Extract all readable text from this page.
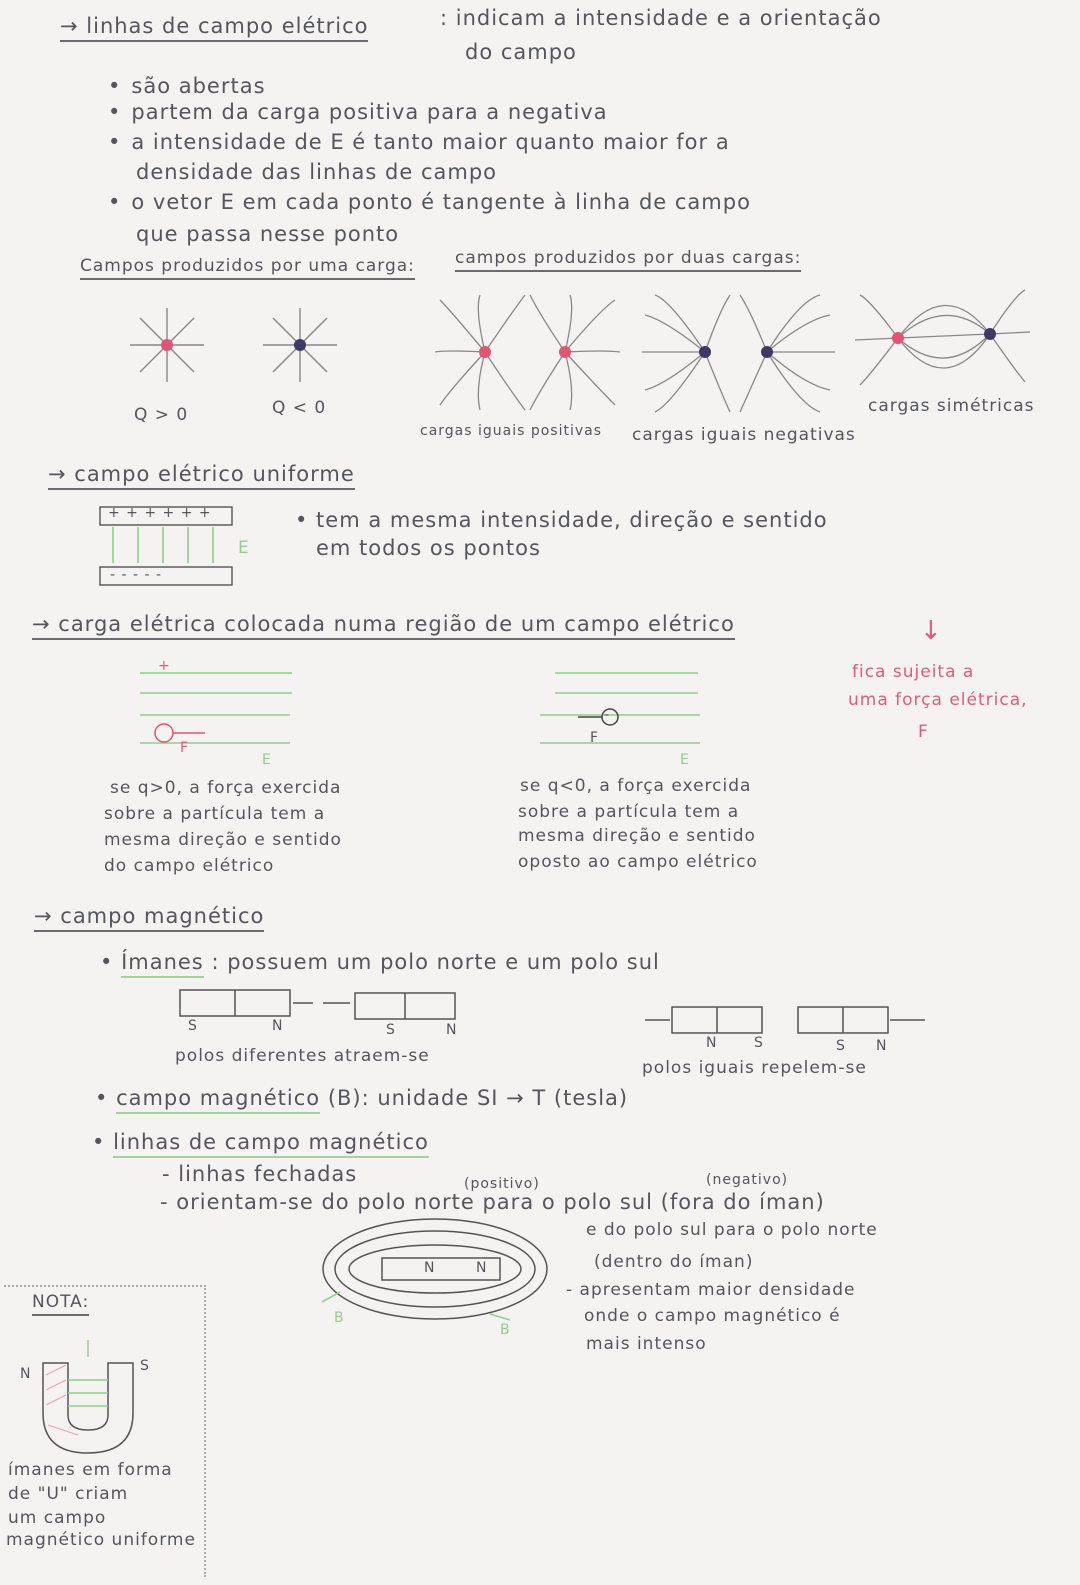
→ linhas de campo elétrico	: indicam a intensidade e a orientação
do campo
• são abertas
• partem da carga positiva para a negativa
• a intensidade de E é tanto maior quanto maior for a
densidade das linhas de campo
• o vetor E em cada ponto é tangente à linha de campo
que passa nesse ponto
Campos produzidos por uma carga: campos produzidos por duas cargas:
Q > 0	Q < 0
cargas iguais positivas cargas iguais negativas
cargas simétricas
→ campo elétrico uniforme
+ + + + + +
- - - - -
E
• tem a mesma intensidade, direção e sentido
em todos os pontos
→ carga elétrica colocada numa região de um campo elétrico	↓
fica sujeita a
uma força elétrica,
F
+
F
E
-
F
E
se q>0, a força exercida
sobre a partícula tem a
mesma direção e sentido
do campo elétrico
se q<0, a força exercida
sobre a partícula tem a
mesma direção e sentido
oposto ao campo elétrico
→ campo magnético
• Ímanes : possuem um polo norte e um polo sul
S	N	S	N
polos diferentes atraem-se
N	S	S N
polos iguais repelem-se
• campo magnético (B): unidade SI → T (tesla)
• linhas de campo magnético
- linhas fechadas	(positivo)	(negativo)
- orientam-se do polo norte para o polo sul (fora do íman)
e do polo sul para o polo norte
(dentro do íman)
- apresentam maior densidade
onde o campo magnético é
mais intenso
N	N
B
B
NOTA:
N	S
ímanes em forma
de "U" criam
um campo
magnético uniforme
